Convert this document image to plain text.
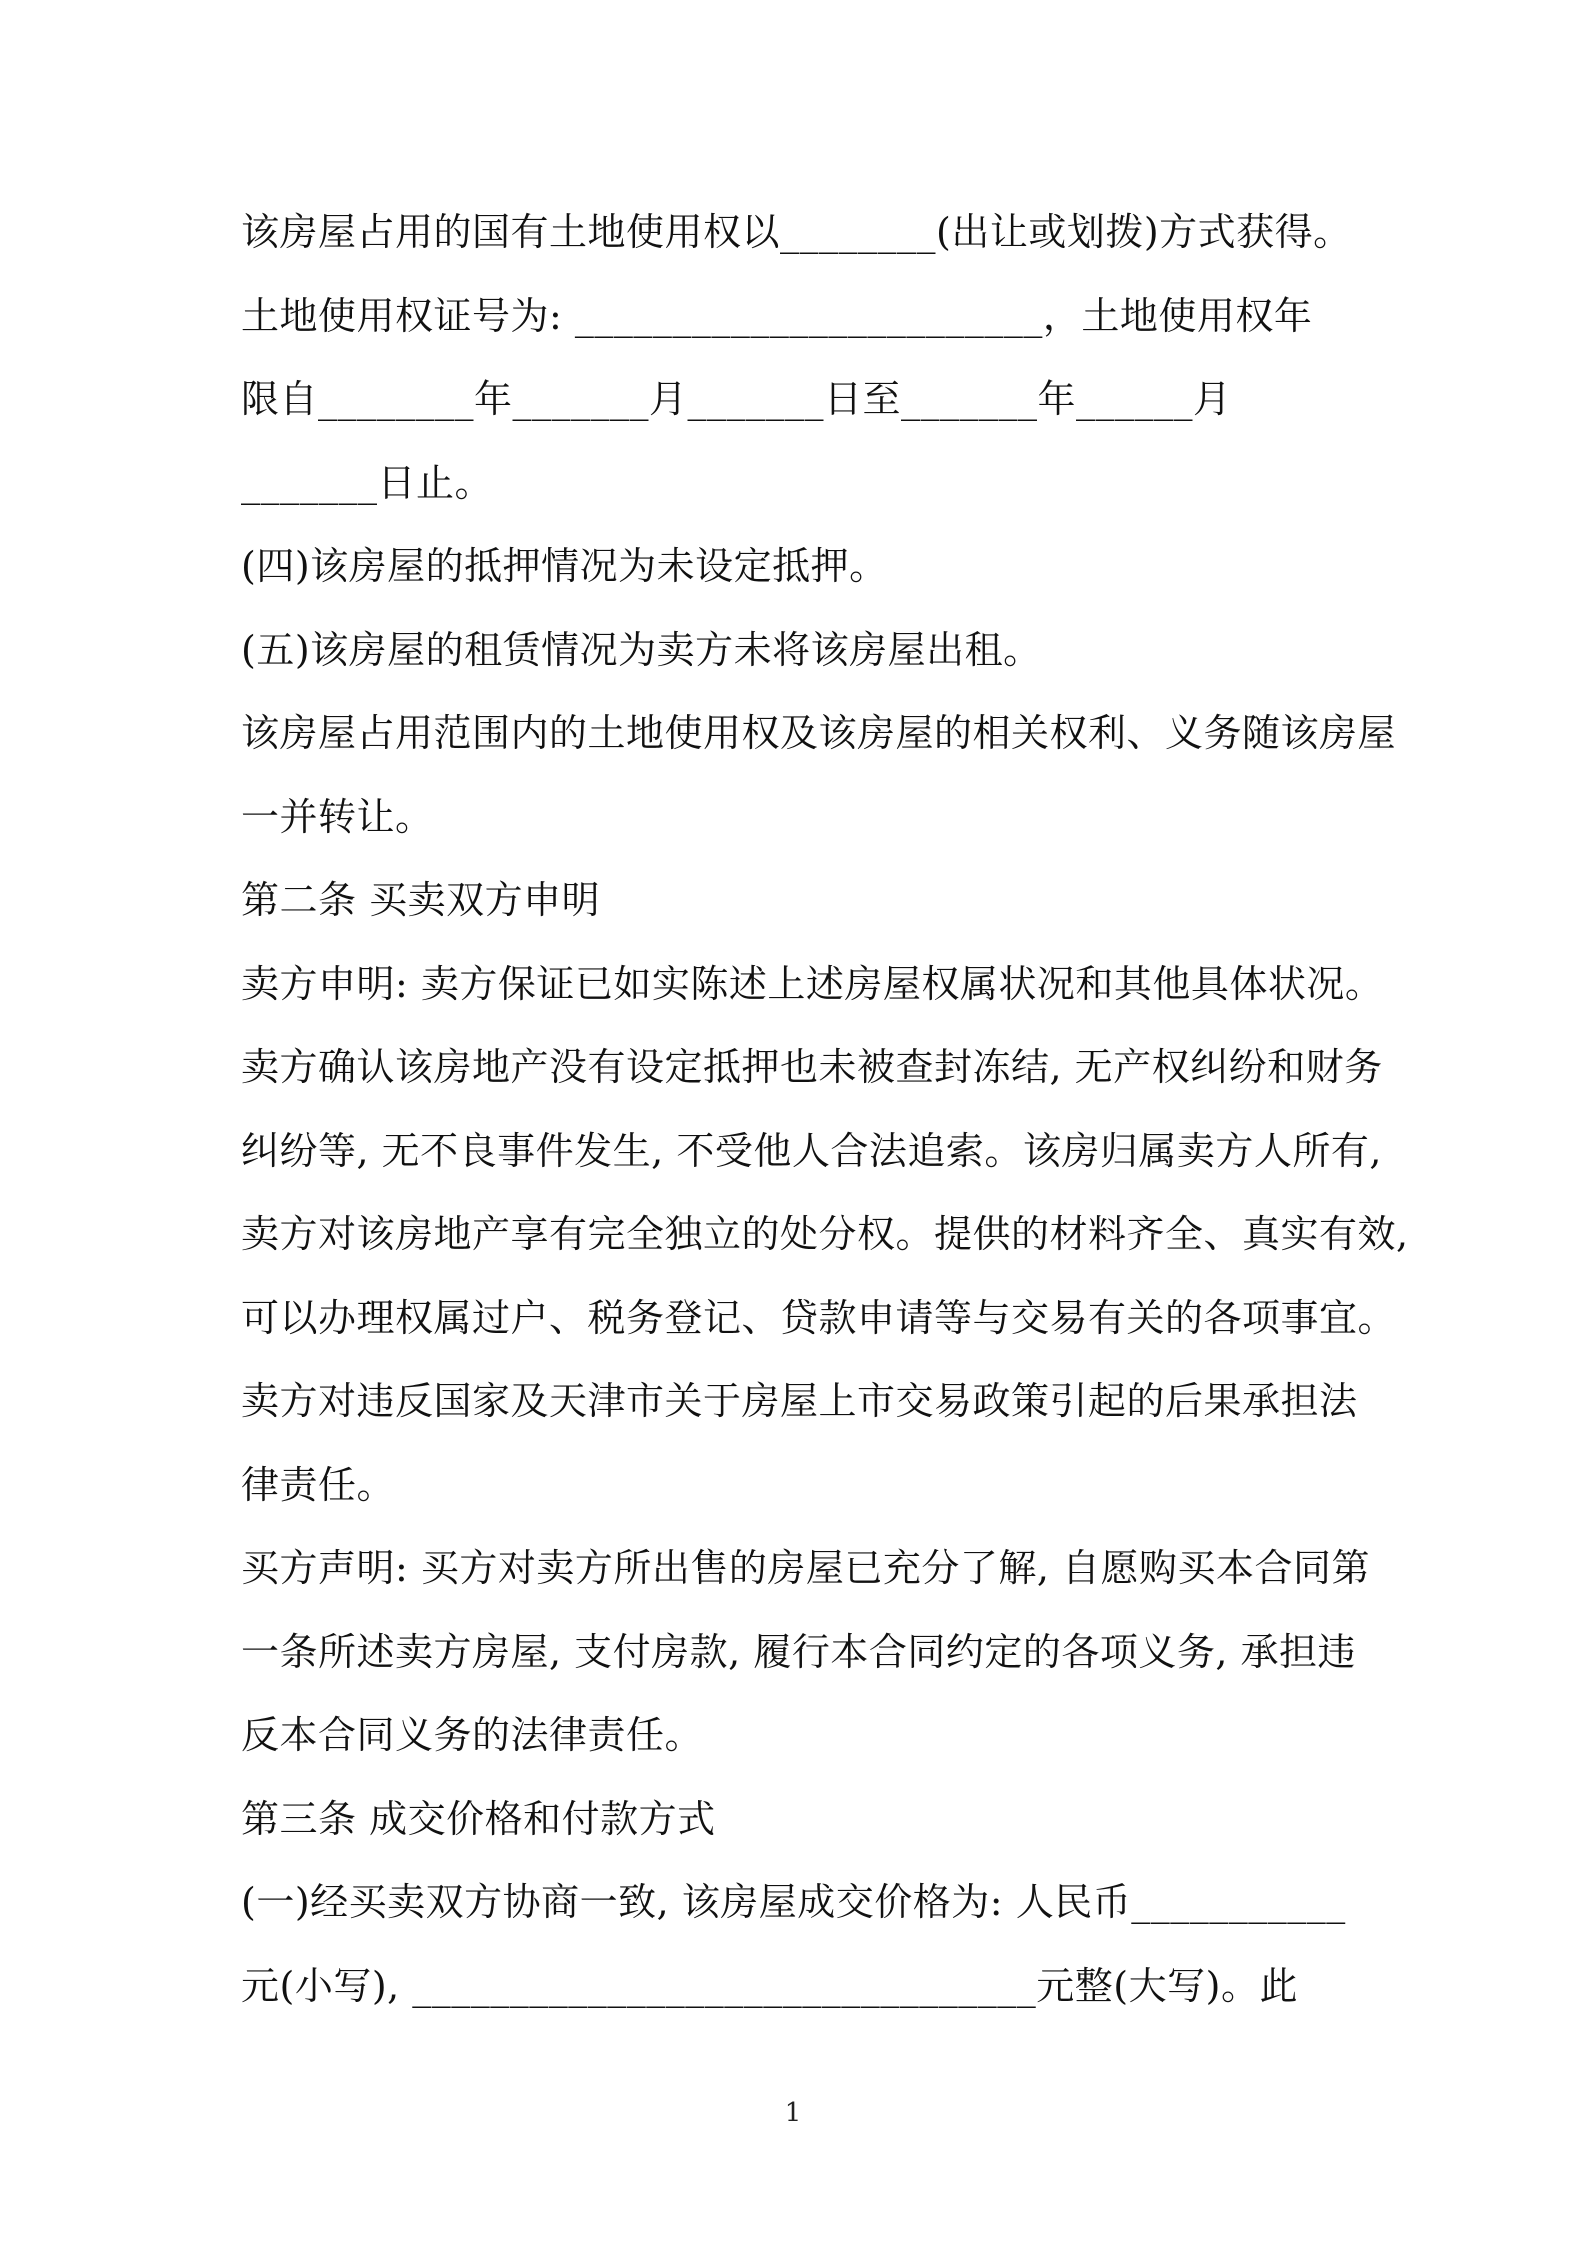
该房屋占用的国有土地使用权以________(出让或划拨)方式获得。
土地使用权证号为: ________________________，土地使用权年
限自________年_______月_______日至_______年______月
_______日止。
(四)该房屋的抵押情况为未设定抵押。
(五)该房屋的租赁情况为卖方未将该房屋出租。
该房屋占用范围内的土地使用权及该房屋的相关权利、义务随该房屋
一并转让。
第二条 买卖双方申明
卖方申明: 卖方保证已如实陈述上述房屋权属状况和其他具体状况。
卖方确认该房地产没有设定抵押也未被查封冻结, 无产权纠纷和财务
纠纷等, 无不良事件发生, 不受他人合法追索。该房归属卖方人所有,
卖方对该房地产享有完全独立的处分权。提供的材料齐全、真实有效,
可以办理权属过户、税务登记、贷款申请等与交易有关的各项事宜。
卖方对违反国家及天津市关于房屋上市交易政策引起的后果承担法
律责任。
买方声明: 买方对卖方所出售的房屋已充分了解, 自愿购买本合同第
一条所述卖方房屋, 支付房款, 履行本合同约定的各项义务, 承担违
反本合同义务的法律责任。
第三条 成交价格和付款方式
(一)经买卖双方协商一致, 该房屋成交价格为: 人民币___________
元(小写), ________________________________元整(大写)。此
1
